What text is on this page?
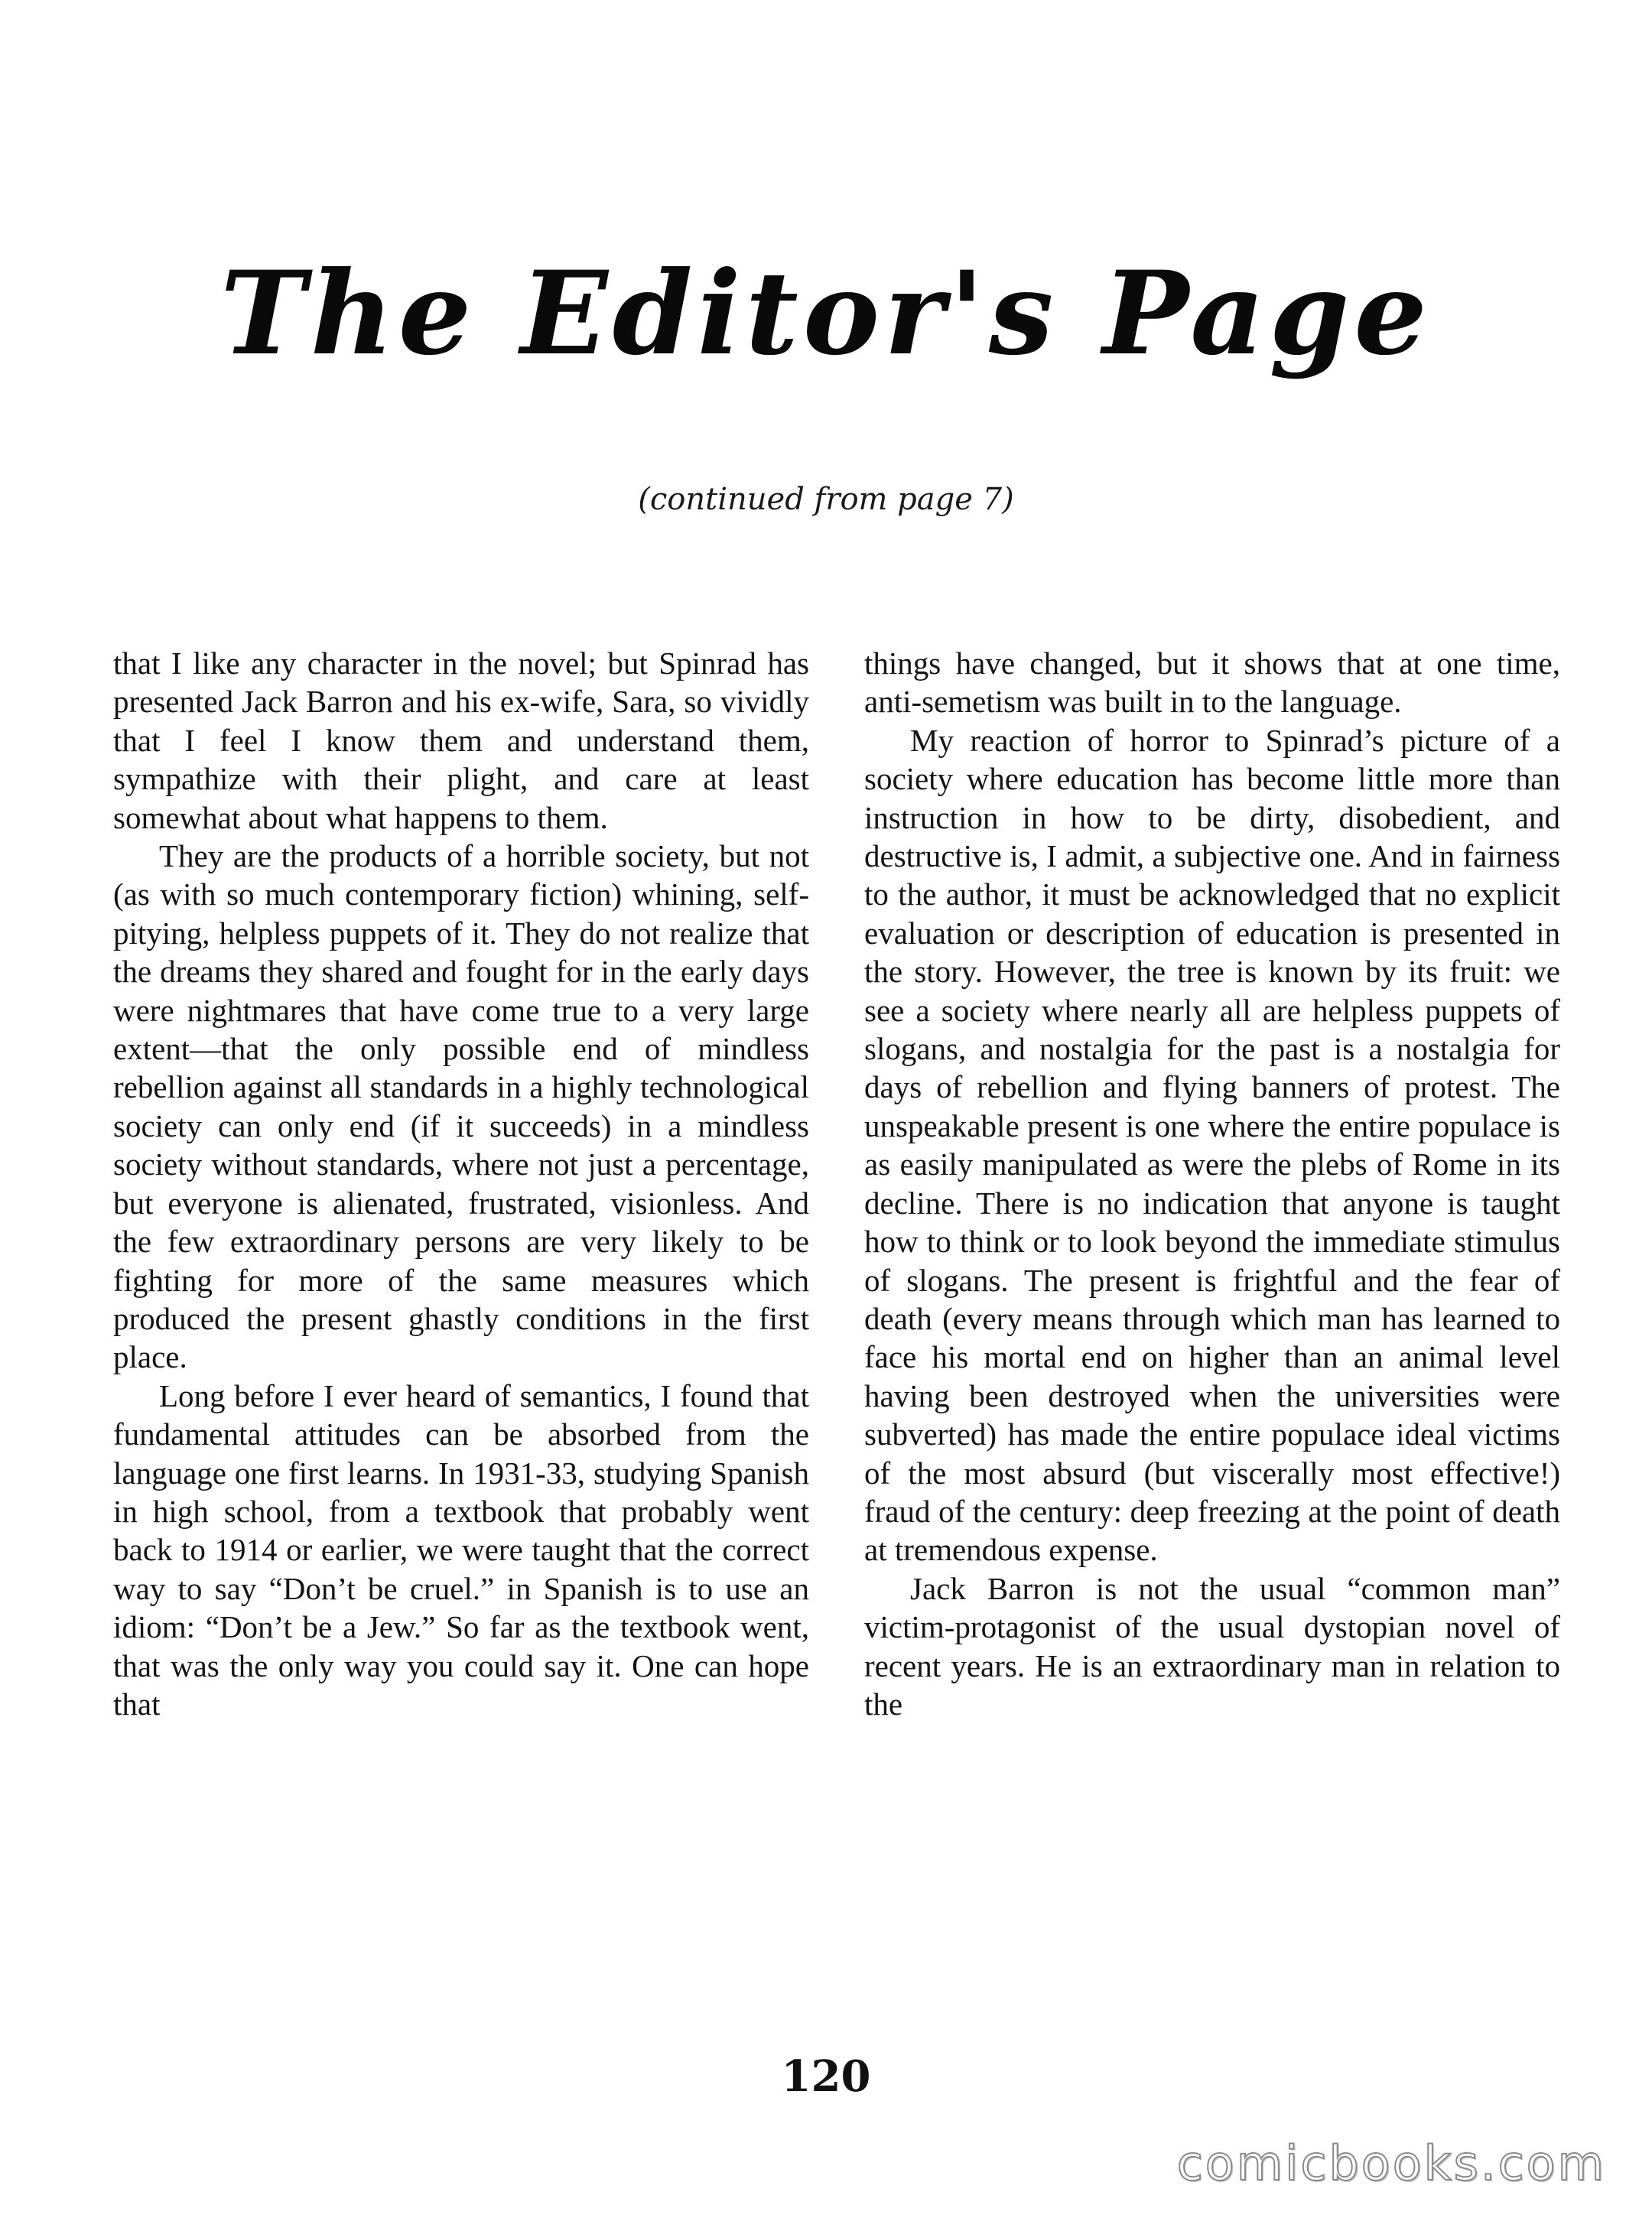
The Editor's Page
(continued from page 7)

that I like any character in the novel; but Spinrad has presented Jack Barron and his ex-wife, Sara, so vividly that I feel I know them and understand them, sympathize with their plight, and care at least somewhat about what happens to them.

They are the products of a horrible society, but not (as with so much contemporary fiction) whining, self-pitying, helpless puppets of it. They do not realize that the dreams they shared and fought for in the early days were nightmares that have come true to a very large extent—that the only possible end of mindless rebellion against all standards in a highly technological society can only end (if it succeeds) in a mindless society without standards, where not just a percentage, but everyone is alienated, frustrated, visionless. And the few extraordinary persons are very likely to be fighting for more of the same measures which produced the present ghastly conditions in the first place.

Long before I ever heard of semantics, I found that fundamental attitudes can be absorbed from the language one first learns. In 1931-33, studying Spanish in high school, from a textbook that probably went back to 1914 or earlier, we were taught that the correct way to say “Don’t be cruel.” in Spanish is to use an idiom: “Don’t be a Jew.” So far as the textbook went, that was the only way you could say it. One can hope that

things have changed, but it shows that at one time, anti-semetism was built in to the language.

My reaction of horror to Spinrad’s picture of a society where education has become little more than instruction in how to be dirty, disobedient, and destructive is, I admit, a subjective one. And in fairness to the author, it must be acknowledged that no explicit evaluation or description of education is presented in the story. However, the tree is known by its fruit: we see a society where nearly all are helpless puppets of slogans, and nostalgia for the past is a nostalgia for days of rebellion and flying banners of protest. The unspeakable present is one where the entire populace is as easily manipulated as were the plebs of Rome in its decline. There is no indication that anyone is taught how to think or to look beyond the immediate stimulus of slogans. The present is frightful and the fear of death (every means through which man has learned to face his mortal end on higher than an animal level having been destroyed when the universities were subverted) has made the entire populace ideal victims of the most absurd (but viscerally most effective!) fraud of the century: deep freezing at the point of death at tremendous expense.

Jack Barron is not the usual “common man” victim-protagonist of the usual dystopian novel of recent years. He is an extraordinary man in relation to the

120
comicbooks.com
